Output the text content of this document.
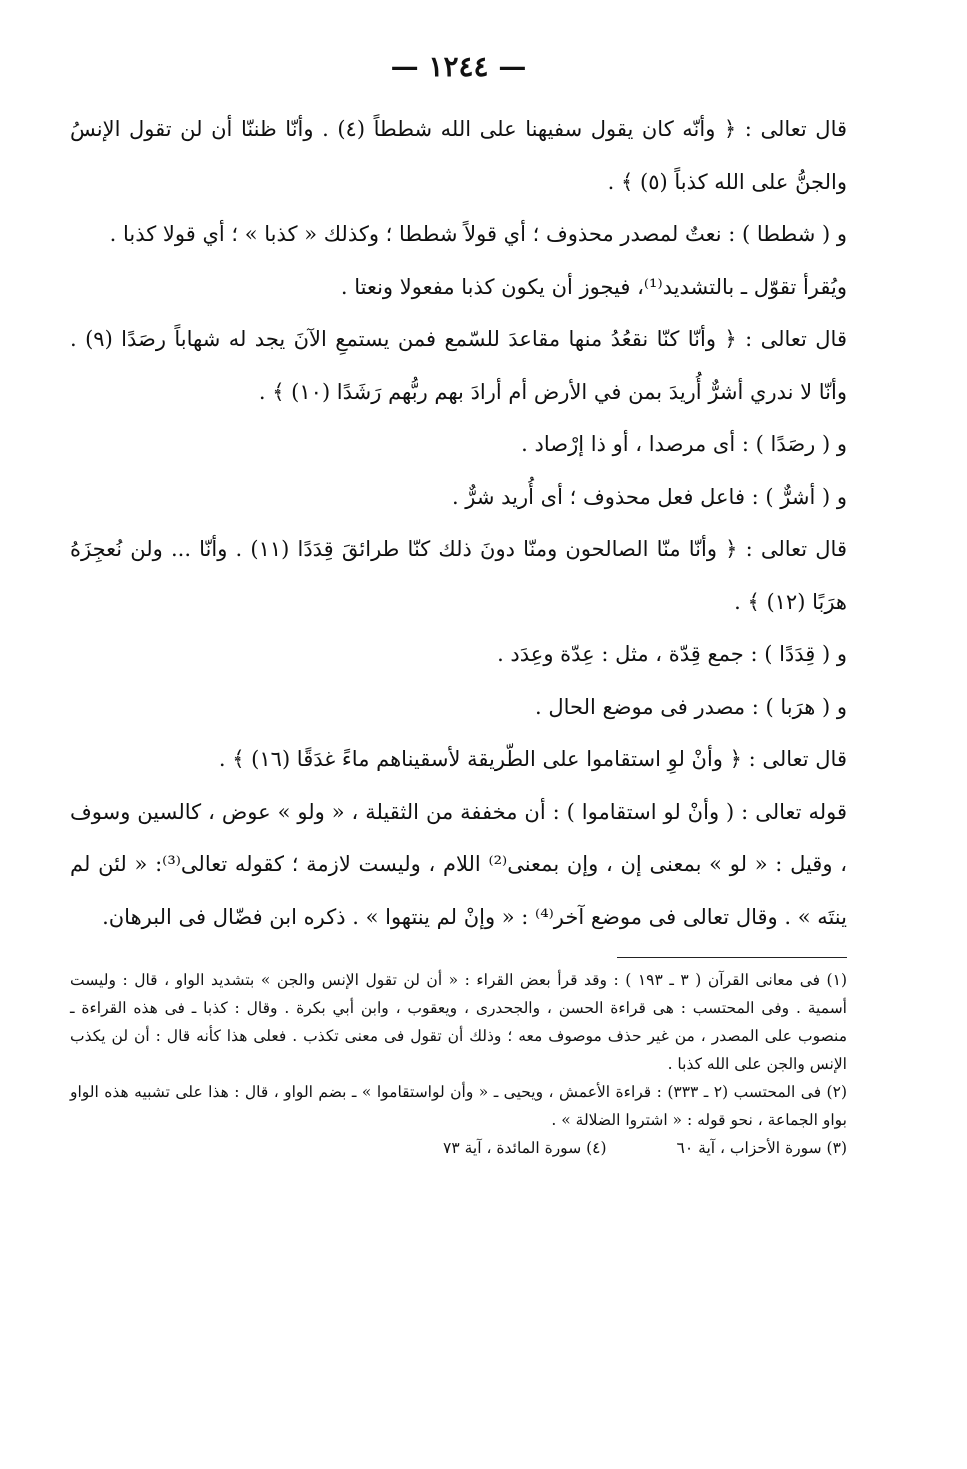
— ١٢٤٤ —

قال تعالى : ﴿ وأنّه كان يقول سفيهنا على الله شططاً (٤) . وأنّا ظننّا أن لن تقول الإنسُ والجنُّ على الله كذباً (٥) ﴾ .

و ( شططا ) : نعتٌ لمصدر محذوف ؛ أي قولاً شططا ؛ وكذلك « كذبا » ؛ أي قولا كذبا .

ويُقرأ تقوّل ـ بالتشديد⁽¹⁾، فيجوز أن يكون كذبا مفعولا ونعتا .

قال تعالى : ﴿ وأنّا كنّا نقعُدُ منها مقاعدَ للسّمع فمن يستمعِ الآنَ يجد له شهاباً رصَدًا (٩) . وأنّا لا ندري أشرٌّ أُريدَ بمن في الأرض أم أرادَ بهم ربُّهم رَشَدًا (١٠) ﴾ .

و ( رصَدًا ) : أى مرصدا ، أو ذا إرْصاد .

و ( أشرٌّ ) : فاعل فعل محذوف ؛ أى أُريد شرٌّ .

قال تعالى : ﴿ وأنّا منّا الصالحون ومنّا دونَ ذلك كنّا طرائقَ قِدَدًا (١١) . وأنّا ... ولن نُعجِزَهُ هرَبًا (١٢) ﴾ .

و ( قِدَدًا ) : جمع قِدّة ، مثل : عِدّة وعِدَد .

و ( هرَبا ) : مصدر فى موضع الحال .

قال تعالى : ﴿ وأنْ لوِ استقاموا على الطّريقة لأسقيناهم ماءً غدَقًا (١٦) ﴾ .

قوله تعالى : ( وأنْ لو استقاموا ) : أن مخففة من الثقيلة ، « ولو » عوض ، كالسين وسوف ، وقيل : « لو » بمعنى إن ، وإن بمعنى⁽²⁾ اللام ، وليست لازمة ؛ كقوله تعالى⁽³⁾: « لئن لم ينتَه » . وقال تعالى فى موضع آخر⁽⁴⁾ : « وإنْ لم ينتهوا » . ذكره ابن فضّال فى البرهان.

(١) فى معانى القرآن ( ٣ ـ ١٩٣ ) : وقد قرأ بعض القراء : « أن لن تقول الإنس والجن » بتشديد الواو ، قال : وليست أسمية . وفى المحتسب : هى قراءة الحسن ، والجحدرى ، ويعقوب ، وابن أبي بكرة . وقال : كذبا ـ فى هذه القراءة ـ منصوب على المصدر ، من غير حذف موصوف معه ؛ وذلك أن تقول فى معنى تكذب . فعلى هذا كأنه قال : أن لن يكذب الإنس والجن على الله كذبا .

(٢) فى المحتسب (٢ ـ ٣٣٣) : قراءة الأعمش ، ويحيى ـ « وأن لواستقاموا » ـ بضم الواو ، قال : هذا على تشبيه هذه الواو بواو الجماعة ، نحو قوله : « اشتروا الضلالة » .

(٣) سورة الأحزاب ، آية ٦٠
(٤) سورة المائدة ، آية ٧٣
